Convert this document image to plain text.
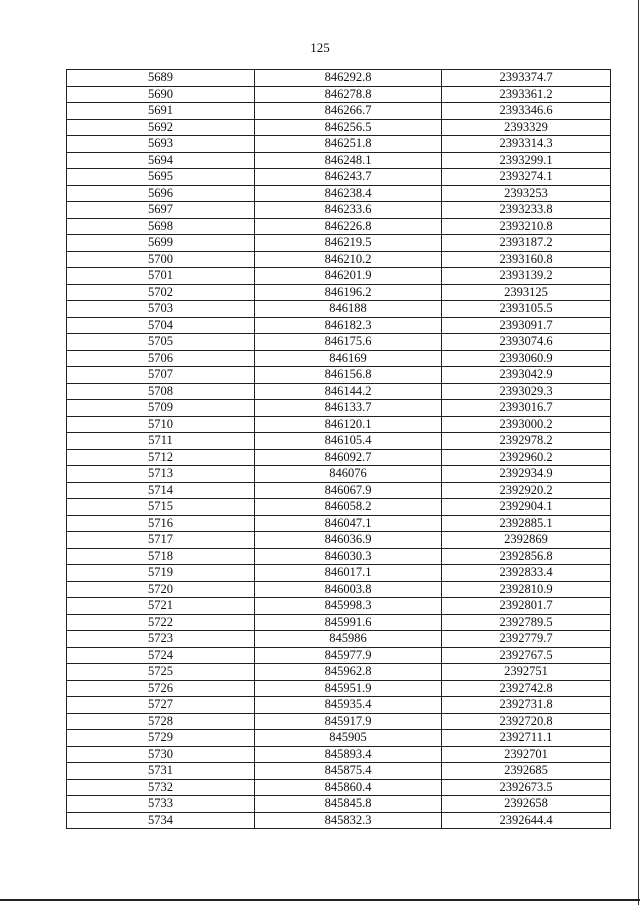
125
5689	846292.8	2393374.7
5690	846278.8	2393361.2
5691	846266.7	2393346.6
5692	846256.5	2393329
5693	846251.8	2393314.3
5694	846248.1	2393299.1
5695	846243.7	2393274.1
5696	846238.4	2393253
5697	846233.6	2393233.8
5698	846226.8	2393210.8
5699	846219.5	2393187.2
5700	846210.2	2393160.8
5701	846201.9	2393139.2
5702	846196.2	2393125
5703	846188	2393105.5
5704	846182.3	2393091.7
5705	846175.6	2393074.6
5706	846169	2393060.9
5707	846156.8	2393042.9
5708	846144.2	2393029.3
5709	846133.7	2393016.7
5710	846120.1	2393000.2
5711	846105.4	2392978.2
5712	846092.7	2392960.2
5713	846076	2392934.9
5714	846067.9	2392920.2
5715	846058.2	2392904.1
5716	846047.1	2392885.1
5717	846036.9	2392869
5718	846030.3	2392856.8
5719	846017.1	2392833.4
5720	846003.8	2392810.9
5721	845998.3	2392801.7
5722	845991.6	2392789.5
5723	845986	2392779.7
5724	845977.9	2392767.5
5725	845962.8	2392751
5726	845951.9	2392742.8
5727	845935.4	2392731.8
5728	845917.9	2392720.8
5729	845905	2392711.1
5730	845893.4	2392701
5731	845875.4	2392685
5732	845860.4	2392673.5
5733	845845.8	2392658
5734	845832.3	2392644.4
